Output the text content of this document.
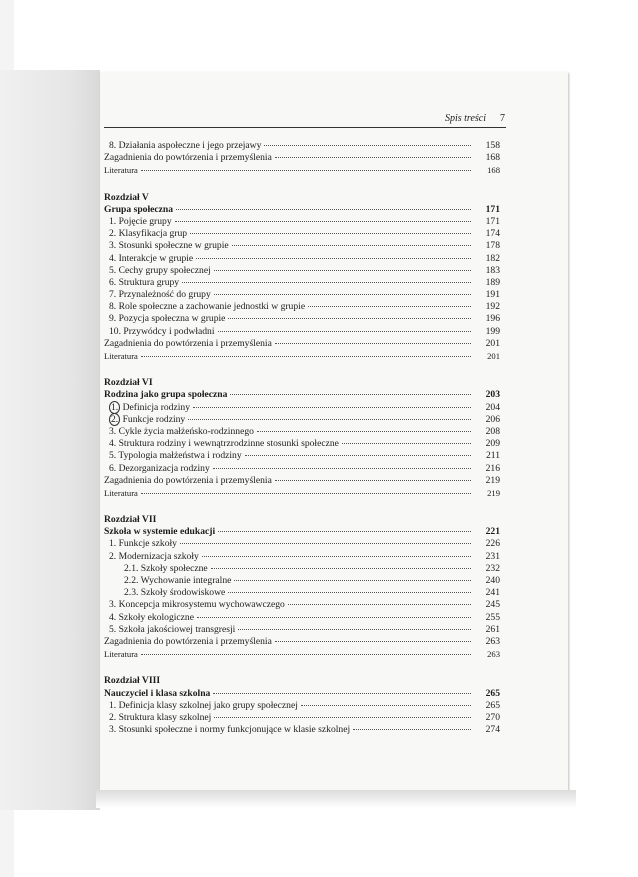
Spis treści 7
8. Działania aspołeczne i jego przejawy	158
Zagadnienia do powtórzenia i przemyślenia	168
Literatura	168
Rozdział V
Grupa społeczna	171
1. Pojęcie grupy	171
2. Klasyfikacja grup	174
3. Stosunki społeczne w grupie	178
4. Interakcje w grupie	182
5. Cechy grupy społecznej	183
6. Struktura grupy	189
7. Przynależność do grupy	191
8. Role społeczne a zachowanie jednostki w grupie	192
9. Pozycja społeczna w grupie	196
10. Przywódcy i podwładni	199
Zagadnienia do powtórzenia i przemyślenia	201
Literatura	201
Rozdział VI
Rodzina jako grupa społeczna	203
1. Definicja rodziny	204
2. Funkcje rodziny	206
3. Cykle życia małżeńsko-rodzinnego	208
4. Struktura rodziny i wewnątrzrodzinne stosunki społeczne	209
5. Typologia małżeństwa i rodziny	211
6. Dezorganizacja rodziny	216
Zagadnienia do powtórzenia i przemyślenia	219
Literatura	219
Rozdział VII
Szkoła w systemie edukacji	221
1. Funkcje szkoły	226
2. Modernizacja szkoły	231
2.1. Szkoły społeczne	232
2.2. Wychowanie integralne	240
2.3. Szkoły środowiskowe	241
3. Koncepcja mikrosystemu wychowawczego	245
4. Szkoły ekologiczne	255
5. Szkoła jakościowej transgresji	261
Zagadnienia do powtórzenia i przemyślenia	263
Literatura	263
Rozdział VIII
Nauczyciel i klasa szkolna	265
1. Definicja klasy szkolnej jako grupy społecznej	265
2. Struktura klasy szkolnej	270
3. Stosunki społeczne i normy funkcjonujące w klasie szkolnej	274
